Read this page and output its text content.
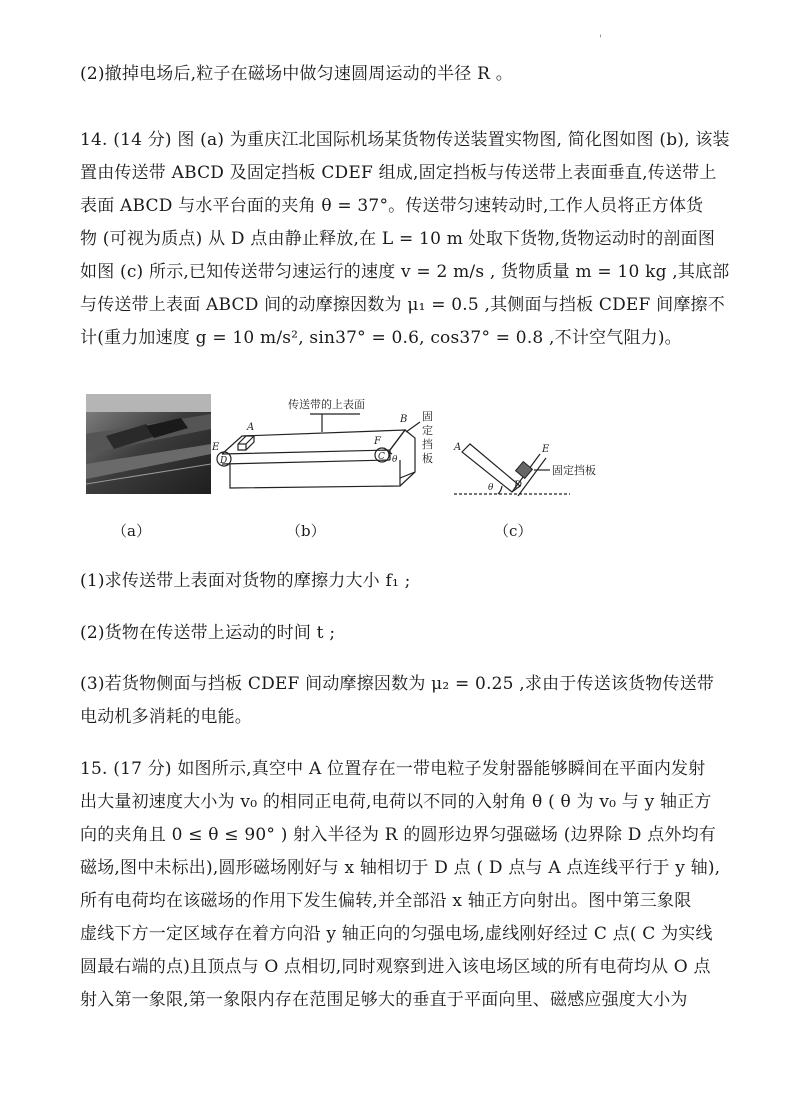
'

(2)撤掉电场后,粒子在磁场中做匀速圆周运动的半径 R 。

14. (14 分) 图 (a) 为重庆江北国际机场某货物传送装置实物图, 简化图如图 (b), 该装

置由传送带 ABCD 及固定挡板 CDEF 组成,固定挡板与传送带上表面垂直,传送带上

表面 ABCD 与水平台面的夹角 θ = 37°。传送带匀速转动时,工作人员将正方体货

物 (可视为质点) 从 D 点由静止释放,在 L = 10 m 处取下货物,货物运动时的剖面图

如图 (c) 所示,已知传送带匀速运行的速度 v = 2 m/s , 货物质量 m = 10 kg ,其底部

与传送带上表面 ABCD 间的动摩擦因数为 μ₁ = 0.5 ,其侧面与挡板 CDEF 间摩擦不

计(重力加速度 g = 10 m/s², sin37° = 0.6, cos37° = 0.8 ,不计空气阻力)。

传送带的上表面
A
B
C
D
E
F
θ
固
定
挡
板
A	E
D
θ
固定挡板
（a）	（b）	（c）

(1)求传送带上表面对货物的摩擦力大小 f₁ ;

(2)货物在传送带上运动的时间 t ;

(3)若货物侧面与挡板 CDEF 间动摩擦因数为 μ₂ = 0.25 ,求由于传送该货物传送带

电动机多消耗的电能。

15. (17 分) 如图所示,真空中 A 位置存在一带电粒子发射器能够瞬间在平面内发射

出大量初速度大小为 v₀ 的相同正电荷,电荷以不同的入射角 θ ( θ 为 v₀ 与 y 轴正方

向的夹角且 0 ≤ θ ≤ 90° ) 射入半径为 R 的圆形边界匀强磁场 (边界除 D 点外均有

磁场,图中未标出),圆形磁场刚好与 x 轴相切于 D 点 ( D 点与 A 点连线平行于 y 轴),

所有电荷均在该磁场的作用下发生偏转,并全部沿 x 轴正方向射出。图中第三象限

虚线下方一定区域存在着方向沿 y 轴正向的匀强电场,虚线刚好经过 C 点( C 为实线

圆最右端的点)且顶点与 O 点相切,同时观察到进入该电场区域的所有电荷均从 O 点

射入第一象限,第一象限内存在范围足够大的垂直于平面向里、磁感应强度大小为
